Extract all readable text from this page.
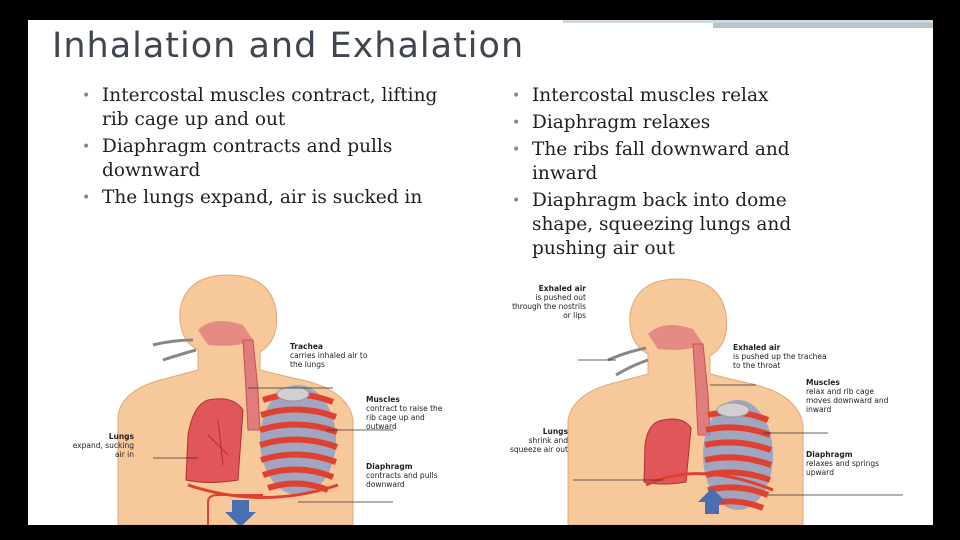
Inhalation and Exhalation
• Intercostal muscles contract, lifting rib cage up and out
• Diaphragm contracts and pulls downward
• The lungs expand, air is sucked in
• Intercostal muscles relax
• Diaphragm relaxes
• The ribs fall downward and inward
• Diaphragm back into dome shape, squeezing lungs and pushing air out
Trachea
carries inhaled air to the lungs
Muscles
contract to raise the rib cage up and outward
Lungs
expand, sucking air in
Diaphragm
contracts and pulls downward
Exhaled air
is pushed out through the nostrils or lips
Exhaled air
is pushed up the trachea to the throat
Muscles
relax and rib cage moves downward and inward
Lungs
shrink and squeeze air out
Diaphragm
relaxes and springs upward
